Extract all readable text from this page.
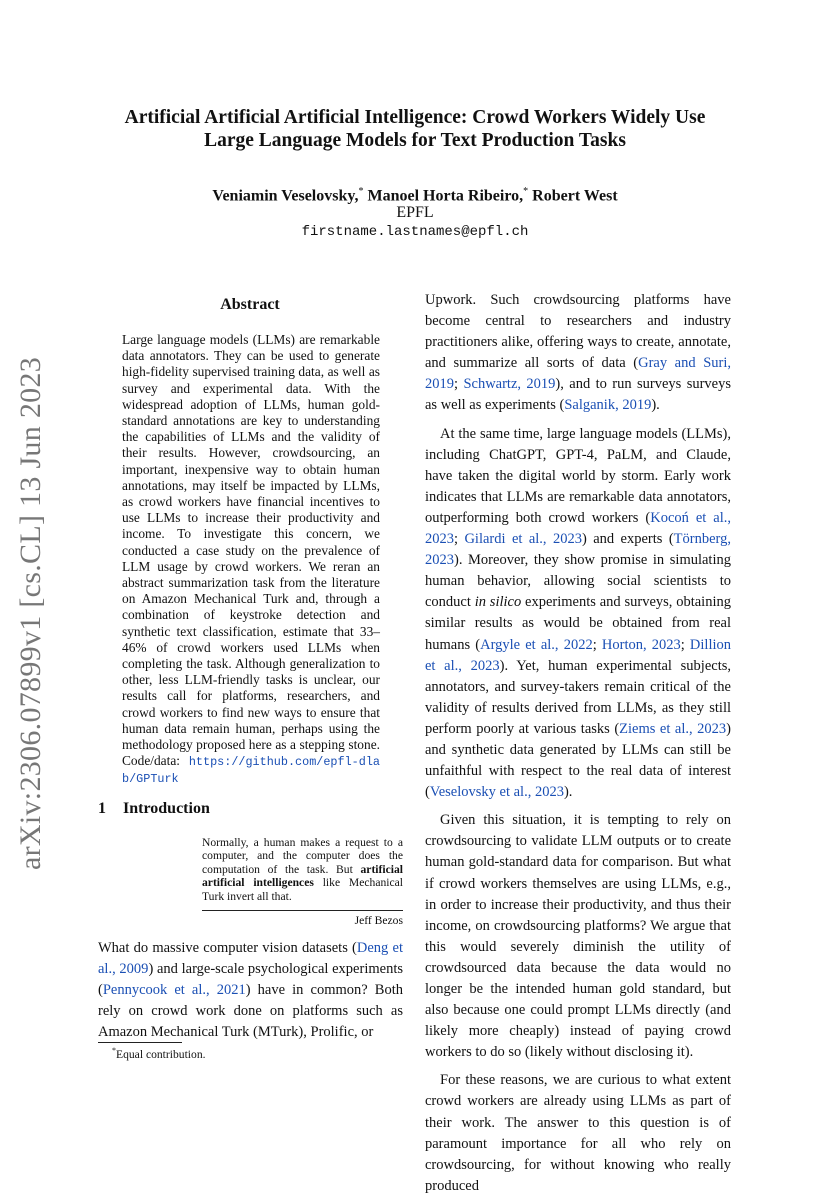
arXiv:2306.07899v1 [cs.CL] 13 Jun 2023
Artificial Artificial Artificial Intelligence: Crowd Workers Widely Use
Large Language Models for Text Production Tasks
Veniamin Veselovsky,* Manoel Horta Ribeiro,* Robert West
EPFL
firstname.lastnames@epfl.ch
Abstract
Large language models (LLMs) are remarkable data annotators. They can be used to generate high-fidelity supervised training data, as well as survey and experimental data. With the widespread adoption of LLMs, human gold-standard annotations are key to understanding the capabilities of LLMs and the validity of their results. However, crowdsourcing, an important, inexpensive way to obtain human annotations, may itself be impacted by LLMs, as crowd workers have financial incentives to use LLMs to increase their productivity and income. To investigate this concern, we conducted a case study on the prevalence of LLM usage by crowd workers. We reran an abstract summarization task from the literature on Amazon Mechanical Turk and, through a combination of keystroke detection and synthetic text classification, estimate that 33–46% of crowd workers used LLMs when completing the task. Although generalization to other, less LLM-friendly tasks is unclear, our results call for platforms, researchers, and crowd workers to find new ways to ensure that human data remain human, perhaps using the methodology proposed here as a stepping stone. Code/data: https://github.com/epfl-dlab/GPTurk
1 Introduction
Normally, a human makes a request to a computer, and the computer does the computation of the task. But artificial artificial intelligences like Mechanical Turk invert all that.
Jeff Bezos
What do massive computer vision datasets (Deng et al., 2009) and large-scale psychological experiments (Pennycook et al., 2021) have in common? Both rely on crowd work done on platforms such as Amazon Mechanical Turk (MTurk), Prolific, or
*Equal contribution.

Upwork. Such crowdsourcing platforms have become central to researchers and industry practitioners alike, offering ways to create, annotate, and summarize all sorts of data (Gray and Suri, 2019; Schwartz, 2019), and to run surveys surveys as well as experiments (Salganik, 2019).

At the same time, large language models (LLMs), including ChatGPT, GPT-4, PaLM, and Claude, have taken the digital world by storm. Early work indicates that LLMs are remarkable data annotators, outperforming both crowd workers (Kocoń et al., 2023; Gilardi et al., 2023) and experts (Törnberg, 2023). Moreover, they show promise in simulating human behavior, allowing social scientists to conduct in silico experiments and surveys, obtaining similar results as would be obtained from real humans (Argyle et al., 2022; Horton, 2023; Dillion et al., 2023). Yet, human experimental subjects, annotators, and survey-takers remain critical of the validity of results derived from LLMs, as they still perform poorly at various tasks (Ziems et al., 2023) and synthetic data generated by LLMs can still be unfaithful with respect to the real data of interest (Veselovsky et al., 2023).

Given this situation, it is tempting to rely on crowdsourcing to validate LLM outputs or to create human gold-standard data for comparison. But what if crowd workers themselves are using LLMs, e.g., in order to increase their productivity, and thus their income, on crowdsourcing platforms? We argue that this would severely diminish the utility of crowdsourced data because the data would no longer be the intended human gold standard, but also because one could prompt LLMs directly (and likely more cheaply) instead of paying crowd workers to do so (likely without disclosing it).

For these reasons, we are curious to what extent crowd workers are already using LLMs as part of their work. The answer to this question is of paramount importance for all who rely on crowdsourcing, for without knowing who really produced
